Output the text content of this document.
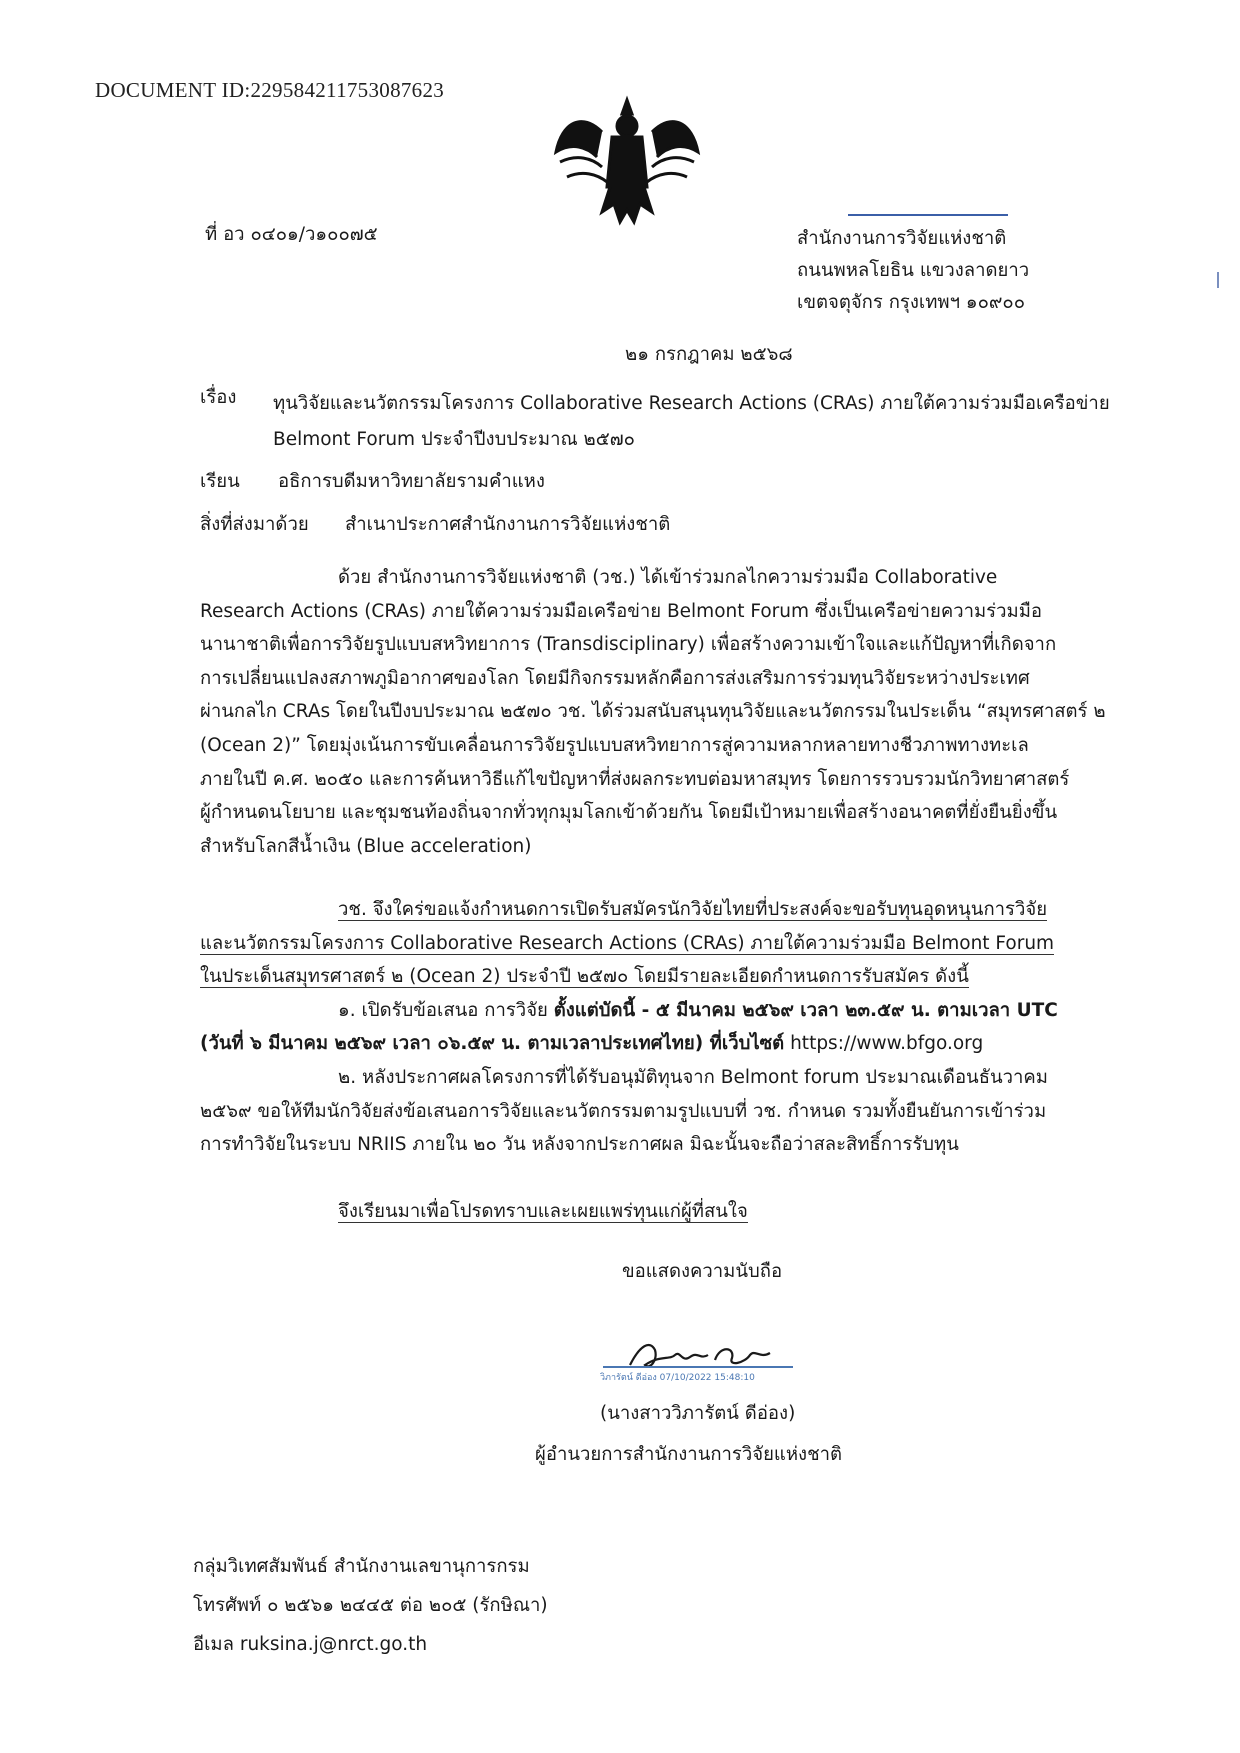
DOCUMENT ID:229584211753087623
ที่ อว ๐๔๐๑/ว๑๐๐๗๕	สำนักงานการวิจัยแห่งชาติ
ถนนพหลโยธิน แขวงลาดยาว
เขตจตุจักร กรุงเทพฯ ๑๐๙๐๐
๒๑ กรกฎาคม ๒๕๖๘
เรื่อง ทุนวิจัยและนวัตกรรมโครงการ Collaborative Research Actions (CRAs) ภายใต้ความร่วมมือเครือข่าย
Belmont Forum ประจำปีงบประมาณ ๒๕๗๐
เรียน อธิการบดีมหาวิทยาลัยรามคำแหง
สิ่งที่ส่งมาด้วย สำเนาประกาศสำนักงานการวิจัยแห่งชาติ
ด้วย สำนักงานการวิจัยแห่งชาติ (วช.) ได้เข้าร่วมกลไกความร่วมมือ Collaborative
Research Actions (CRAs) ภายใต้ความร่วมมือเครือข่าย Belmont Forum ซึ่งเป็นเครือข่ายความร่วมมือ
นานาชาติเพื่อการวิจัยรูปแบบสหวิทยาการ (Transdisciplinary) เพื่อสร้างความเข้าใจและแก้ปัญหาที่เกิดจาก
การเปลี่ยนแปลงสภาพภูมิอากาศของโลก โดยมีกิจกรรมหลักคือการส่งเสริมการร่วมทุนวิจัยระหว่างประเทศ
ผ่านกลไก CRAs โดยในปีงบประมาณ ๒๕๗๐ วช. ได้ร่วมสนับสนุนทุนวิจัยและนวัตกรรมในประเด็น “สมุทรศาสตร์ ๒
(Ocean 2)” โดยมุ่งเน้นการขับเคลื่อนการวิจัยรูปแบบสหวิทยาการสู่ความหลากหลายทางชีวภาพทางทะเล
ภายในปี ค.ศ. ๒๐๕๐ และการค้นหาวิธีแก้ไขปัญหาที่ส่งผลกระทบต่อมหาสมุทร โดยการรวบรวมนักวิทยาศาสตร์
ผู้กำหนดนโยบาย และชุมชนท้องถิ่นจากทั่วทุกมุมโลกเข้าด้วยกัน โดยมีเป้าหมายเพื่อสร้างอนาคตที่ยั่งยืนยิ่งขึ้น
สำหรับโลกสีน้ำเงิน (Blue acceleration)
วช. จึงใคร่ขอแจ้งกำหนดการเปิดรับสมัครนักวิจัยไทยที่ประสงค์จะขอรับทุนอุดหนุนการวิจัย
และนวัตกรรมโครงการ Collaborative Research Actions (CRAs) ภายใต้ความร่วมมือ Belmont Forum
ในประเด็นสมุทรศาสตร์ ๒ (Ocean 2) ประจำปี ๒๕๗๐ โดยมีรายละเอียดกำหนดการรับสมัคร ดังนี้
๑. เปิดรับข้อเสนอ การวิจัย ตั้งแต่บัดนี้ - ๕ มีนาคม ๒๕๖๙ เวลา ๒๓.๕๙ น. ตามเวลา UTC
(วันที่ ๖ มีนาคม ๒๕๖๙ เวลา ๐๖.๕๙ น. ตามเวลาประเทศไทย) ที่เว็บไซต์ https://www.bfgo.org
๒. หลังประกาศผลโครงการที่ได้รับอนุมัติทุนจาก Belmont forum ประมาณเดือนธันวาคม
๒๕๖๙ ขอให้ทีมนักวิจัยส่งข้อเสนอการวิจัยและนวัตกรรมตามรูปแบบที่ วช. กำหนด รวมทั้งยืนยันการเข้าร่วม
การทำวิจัยในระบบ NRIIS ภายใน ๒๐ วัน หลังจากประกาศผล มิฉะนั้นจะถือว่าสละสิทธิ์การรับทุน
จึงเรียนมาเพื่อโปรดทราบและเผยแพร่ทุนแก่ผู้ที่สนใจ
ขอแสดงความนับถือ
วิภารัตน์ ดีอ่อง 07/10/2022 15:48:10
(นางสาววิภารัตน์ ดีอ่อง)
ผู้อำนวยการสำนักงานการวิจัยแห่งชาติ
กลุ่มวิเทศสัมพันธ์ สำนักงานเลขานุการกรม
โทรศัพท์ ๐ ๒๕๖๑ ๒๔๔๕ ต่อ ๒๐๕ (รักษิณา)
อีเมล ruksina.j@nrct.go.th
